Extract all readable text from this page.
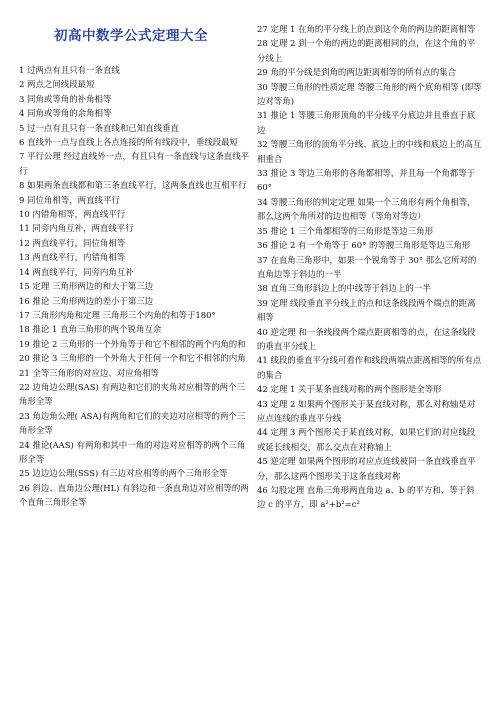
初高中数学公式定理大全
1 过两点有且只有一条直线
2 两点之间线段最短
3 同角或等角的补角相等
4 同角或等角的余角相等
5 过一点有且只有一条直线和已知直线垂直
6 直线外一点与直线上各点连接的所有线段中，垂线段最短
7 平行公理 经过直线外一点，有且只有一条直线与这条直线平行
8 如果两条直线都和第三条直线平行，这两条直线也互相平行
9 同位角相等，两直线平行
10 内错角相等，两直线平行
11 同旁内角互补，两直线平行
12 两直线平行，同位角相等
13 两直线平行，内错角相等
14 两直线平行，同旁内角互补
15 定理 三角形两边的和大于第三边
16 推论 三角形两边的差小于第三边
17 三角形内角和定理 三角形三个内角的和等于180°
18 推论 1 直角三角形的两个锐角互余
19 推论 2 三角形的一个外角等于和它不相邻的两个内角的和
20 推论 3 三角形的一个外角大于任何一个和它不相邻的内角
21 全等三角形的对应边、对应角相等
22 边角边公理(SAS) 有两边和它们的夹角对应相等的两个三角形全等
23 角边角公理( ASA)有两角和它们的夹边对应相等的两个三角形全等
24 推论(AAS) 有两角和其中一角的对边对应相等的两个三角形全等
25 边边边公理(SSS) 有三边对应相等的两个三角形全等
26 斜边、直角边公理(HL) 有斜边和一条直角边对应相等的两个直角三角形全等
27 定理 1 在角的平分线上的点到这个角的两边的距离相等
28 定理 2 到一个角的两边的距离相同的点，在这个角的平分线上
29 角的平分线是到角的两边距离相等的所有点的集合
30 等腰三角形的性质定理 等腰三角形的两个底角相等 (即等边对等角)
31 推论 1 等腰三角形顶角的平分线平分底边并且垂直于底边
32 等腰三角形的顶角平分线、底边上的中线和底边上的高互相重合
33 推论 3 等边三角形的各角都相等，并且每一个角都等于 60°
34 等腰三角形的判定定理 如果一个三角形有两个角相等，那么这两个角所对的边也相等（等角对等边）
35 推论 1 三个角都相等的三角形是等边三角形
36 推论 2 有一个角等于 60° 的等腰三角形是等边三角形
37 在直角三角形中，如果一个锐角等于 30° 那么它所对的直角边等于斜边的一半
38 直角三角形斜边上的中线等于斜边上的一半
39 定理 线段垂直平分线上的点和这条线段两个端点的距离相等
40 逆定理 和一条线段两个端点距离相等的点，在这条线段的垂直平分线上
41 线段的垂直平分线可看作和线段两端点距离相等的所有点的集合
42 定理 1 关于某条直线对称的两个图形是全等形
43 定理 2 如果两个图形关于某直线对称，那么对称轴是对应点连线的垂直平分线
44 定理 3 两个图形关于某直线对称，如果它们的对应线段或延长线相交，那么交点在对称轴上
45 逆定理 如果两个图形的对应点连线被同一条直线垂直平分，那么这两个图形关于这条直线对称
46 勾股定理 直角三角形两直角边 a、b 的平方和、等于斜边 c 的平方，即 a²+b²=c²
